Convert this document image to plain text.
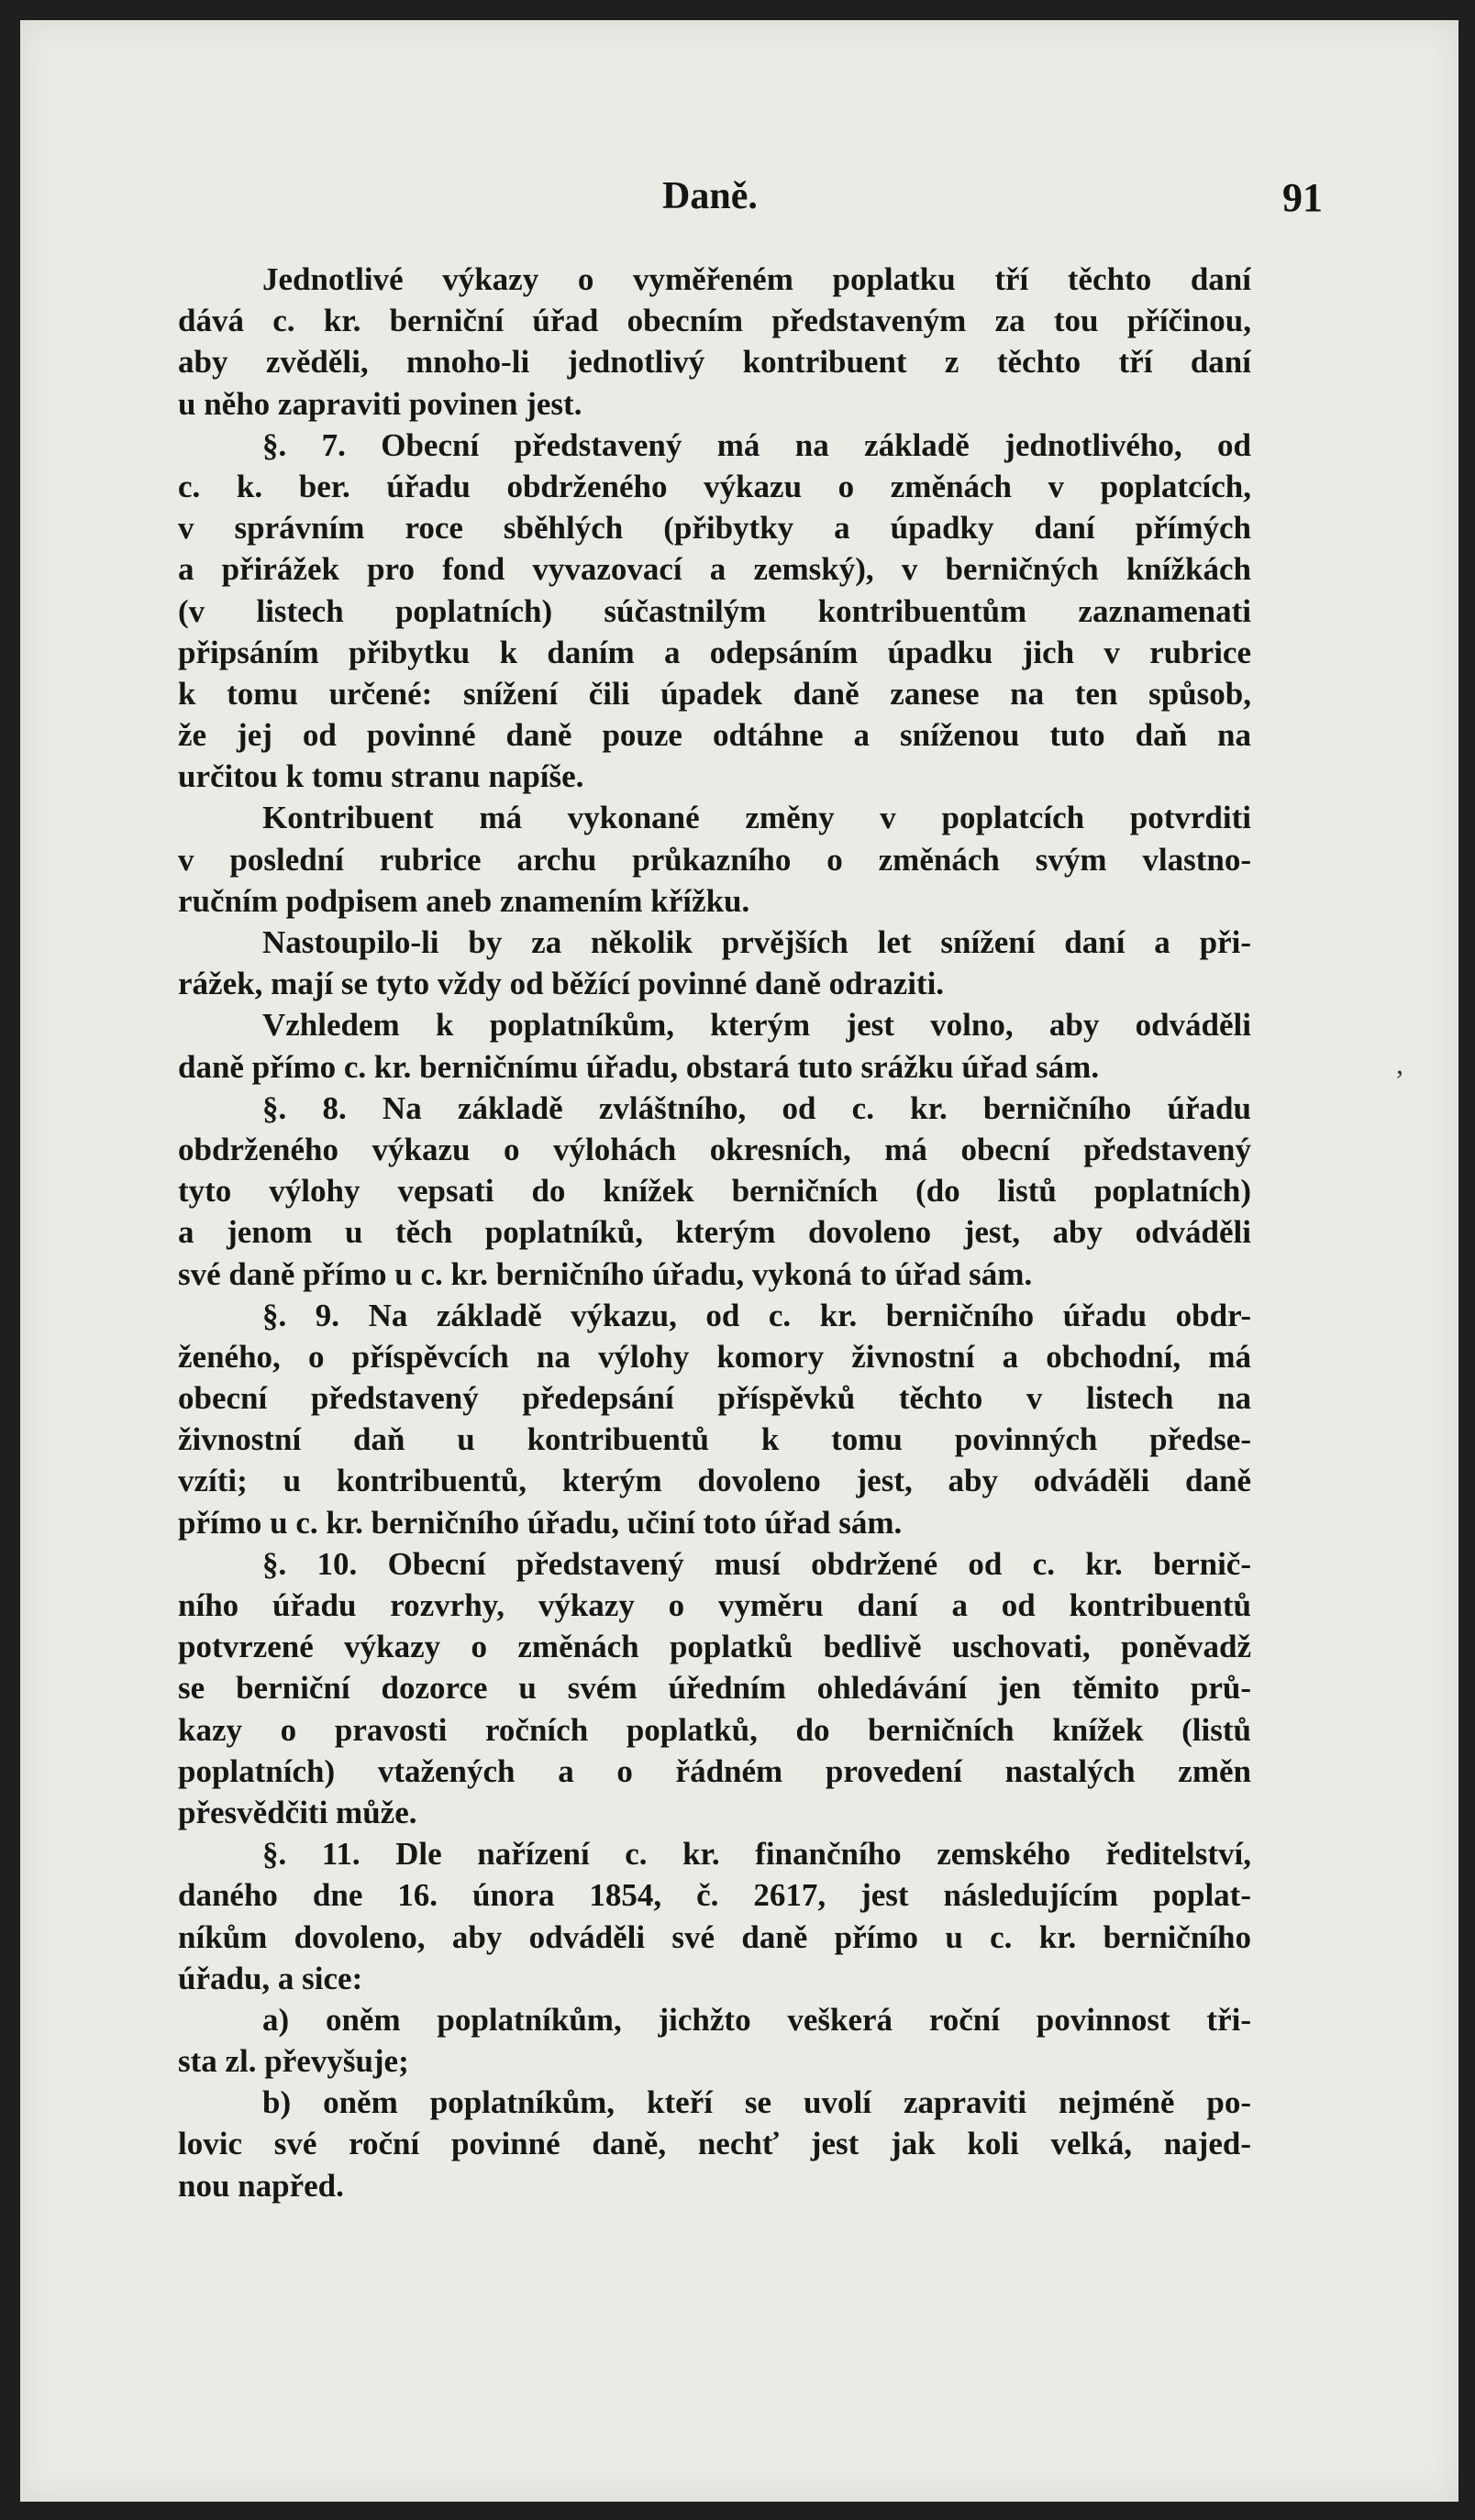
Daně.	91
Jednotlivé výkazy o vyměřeném poplatku tří těchto daní
dává c. kr. berniční úřad obecním představeným za tou příčinou,
aby zvěděli, mnoho-li jednotlivý kontribuent z těchto tří daní
u něho zapraviti povinen jest.
§. 7. Obecní představený má na základě jednotlivého, od
c. k. ber. úřadu obdrženého výkazu o změnách v poplatcích,
v správním roce sběhlých (přibytky a úpadky daní přímých
a přirážek pro fond vyvazovací a zemský), v berničných knížkách
(v listech poplatních) súčastnilým kontribuentům zaznamenati
připsáním přibytku k daním a odepsáním úpadku jich v rubrice
k tomu určené: snížení čili úpadek daně zanese na ten spůsob,
že jej od povinné daně pouze odtáhne a sníženou tuto daň na
určitou k tomu stranu napíše.
Kontribuent má vykonané změny v poplatcích potvrditi
v poslední rubrice archu průkazního o změnách svým vlastno-
ručním podpisem aneb znamením křížku.
Nastoupilo-li by za několik prvějších let snížení daní a při-
rážek, mají se tyto vždy od běžící povinné daně odraziti.
Vzhledem k poplatníkům, kterým jest volno, aby odváděli
daně přímo c. kr. berničnímu úřadu, obstará tuto srážku úřad sám.
§. 8. Na základě zvláštního, od c. kr. berničního úřadu
obdrženého výkazu o výlohách okresních, má obecní představený
tyto výlohy vepsati do knížek berničních (do listů poplatních)
a jenom u těch poplatníků, kterým dovoleno jest, aby odváděli
své daně přímo u c. kr. berničního úřadu, vykoná to úřad sám.
§. 9. Na základě výkazu, od c. kr. berničního úřadu obdr-
ženého, o příspěvcích na výlohy komory živnostní a obchodní, má
obecní představený předepsání příspěvků těchto v listech na
živnostní daň u kontribuentů k tomu povinných předse-
vzíti; u kontribuentů, kterým dovoleno jest, aby odváděli daně
přímo u c. kr. berničního úřadu, učiní toto úřad sám.
§. 10. Obecní představený musí obdržené od c. kr. bernič-
ního úřadu rozvrhy, výkazy o vyměru daní a od kontribuentů
potvrzené výkazy o změnách poplatků bedlivě uschovati, poněvadž
se berniční dozorce u svém úředním ohledávání jen těmito prů-
kazy o pravosti ročních poplatků, do berničních knížek (listů
poplatních) vtažených a o řádném provedení nastalých změn
přesvědčiti může.
§. 11. Dle nařízení c. kr. finančního zemského ředitelství,
daného dne 16. února 1854, č. 2617, jest následujícím poplat-
níkům dovoleno, aby odváděli své daně přímo u c. kr. berničního
úřadu, a sice:
a) oněm poplatníkům, jichžto veškerá roční povinnost tři-
sta zl. převyšuje;
b) oněm poplatníkům, kteří se uvolí zapraviti nejméně po-
lovic své roční povinné daně, nechť jest jak koli velká, najed-
nou napřed.
,
